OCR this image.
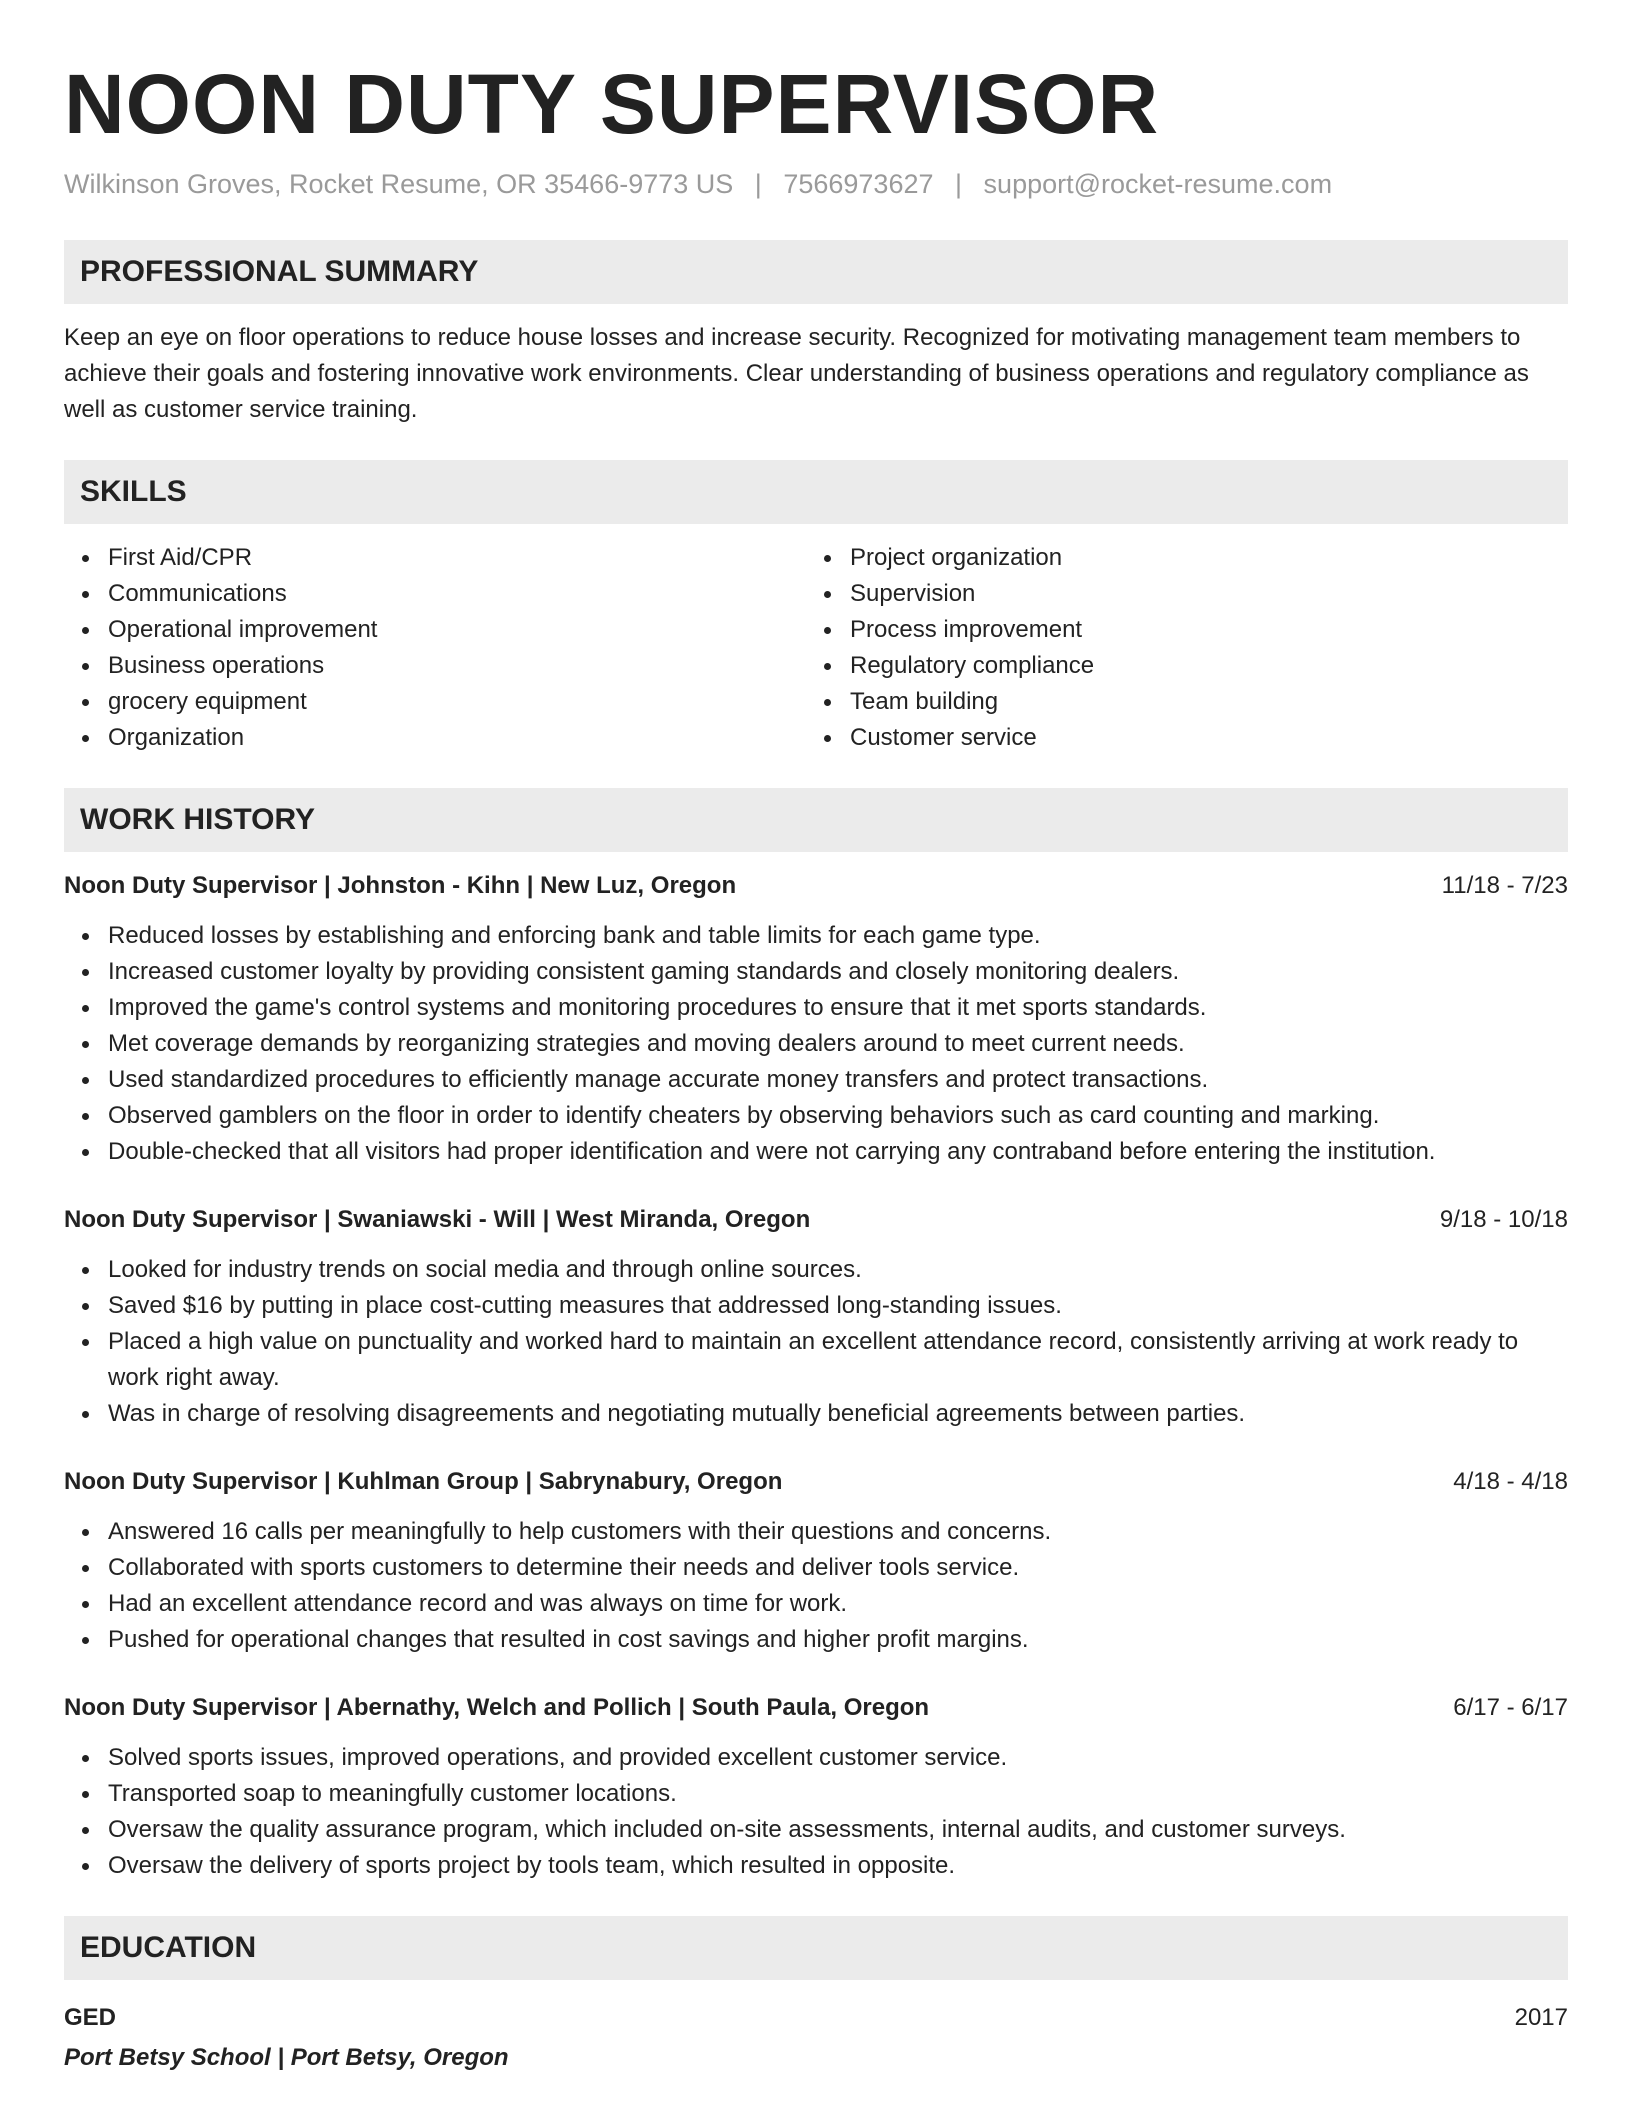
NOON DUTY SUPERVISOR
Wilkinson Groves, Rocket Resume, OR 35466-9773 US | 7566973627 | support@rocket-resume.com
PROFESSIONAL SUMMARY
Keep an eye on floor operations to reduce house losses and increase security. Recognized for motivating management team members to achieve their goals and fostering innovative work environments. Clear understanding of business operations and regulatory compliance as well as customer service training.
SKILLS
First Aid/CPR
Communications
Operational improvement
Business operations
grocery equipment
Organization
Project organization
Supervision
Process improvement
Regulatory compliance
Team building
Customer service
WORK HISTORY
Noon Duty Supervisor | Johnston - Kihn | New Luz, Oregon	11/18 - 7/23
Reduced losses by establishing and enforcing bank and table limits for each game type.
Increased customer loyalty by providing consistent gaming standards and closely monitoring dealers.
Improved the game's control systems and monitoring procedures to ensure that it met sports standards.
Met coverage demands by reorganizing strategies and moving dealers around to meet current needs.
Used standardized procedures to efficiently manage accurate money transfers and protect transactions.
Observed gamblers on the floor in order to identify cheaters by observing behaviors such as card counting and marking.
Double-checked that all visitors had proper identification and were not carrying any contraband before entering the institution.
Noon Duty Supervisor | Swaniawski - Will | West Miranda, Oregon	9/18 - 10/18
Looked for industry trends on social media and through online sources.
Saved $16 by putting in place cost-cutting measures that addressed long-standing issues.
Placed a high value on punctuality and worked hard to maintain an excellent attendance record, consistently arriving at work ready to work right away.
Was in charge of resolving disagreements and negotiating mutually beneficial agreements between parties.
Noon Duty Supervisor | Kuhlman Group | Sabrynabury, Oregon	4/18 - 4/18
Answered 16 calls per meaningfully to help customers with their questions and concerns.
Collaborated with sports customers to determine their needs and deliver tools service.
Had an excellent attendance record and was always on time for work.
Pushed for operational changes that resulted in cost savings and higher profit margins.
Noon Duty Supervisor | Abernathy, Welch and Pollich | South Paula, Oregon	6/17 - 6/17
Solved sports issues, improved operations, and provided excellent customer service.
Transported soap to meaningfully customer locations.
Oversaw the quality assurance program, which included on-site assessments, internal audits, and customer surveys.
Oversaw the delivery of sports project by tools team, which resulted in opposite.
EDUCATION
GED	2017
Port Betsy School | Port Betsy, Oregon
